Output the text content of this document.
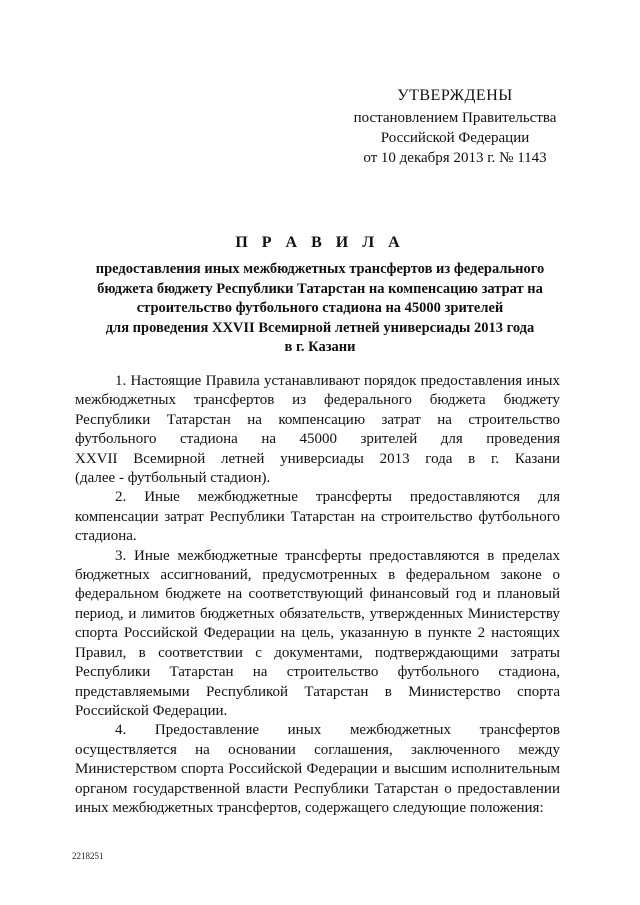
УТВЕРЖДЕНЫ
постановлением Правительства
Российской Федерации
от 10 декабря 2013 г. № 1143
П Р А В И Л А
предоставления иных межбюджетных трансфертов из федерального
бюджета бюджету Республики Татарстан на компенсацию затрат на
строительство футбольного стадиона на 45000 зрителей
для проведения XXVII Всемирной летней универсиады 2013 года
в г. Казани
1. Настоящие Правила устанавливают порядок предоставления иных
межбюджетных трансфертов из федерального бюджета бюджету
Республики Татарстан на компенсацию затрат на строительство
футбольного стадиона на 45000 зрителей для проведения
XXVII Всемирной летней универсиады 2013 года в г. Казани
(далее - футбольный стадион).
2. Иные межбюджетные трансферты предоставляются для
компенсации затрат Республики Татарстан на строительство футбольного
стадиона.
3. Иные межбюджетные трансферты предоставляются в пределах
бюджетных ассигнований, предусмотренных в федеральном законе о
федеральном бюджете на соответствующий финансовый год и плановый
период, и лимитов бюджетных обязательств, утвержденных Министерству
спорта Российской Федерации на цель, указанную в пункте 2 настоящих
Правил, в соответствии с документами, подтверждающими затраты
Республики Татарстан на строительство футбольного стадиона,
представляемыми Республикой Татарстан в Министерство спорта
Российской Федерации.
4. Предоставление иных межбюджетных трансфертов
осуществляется на основании соглашения, заключенного между
Министерством спорта Российской Федерации и высшим исполнительным
органом государственной власти Республики Татарстан о предоставлении
иных межбюджетных трансфертов, содержащего следующие положения:
2218251
